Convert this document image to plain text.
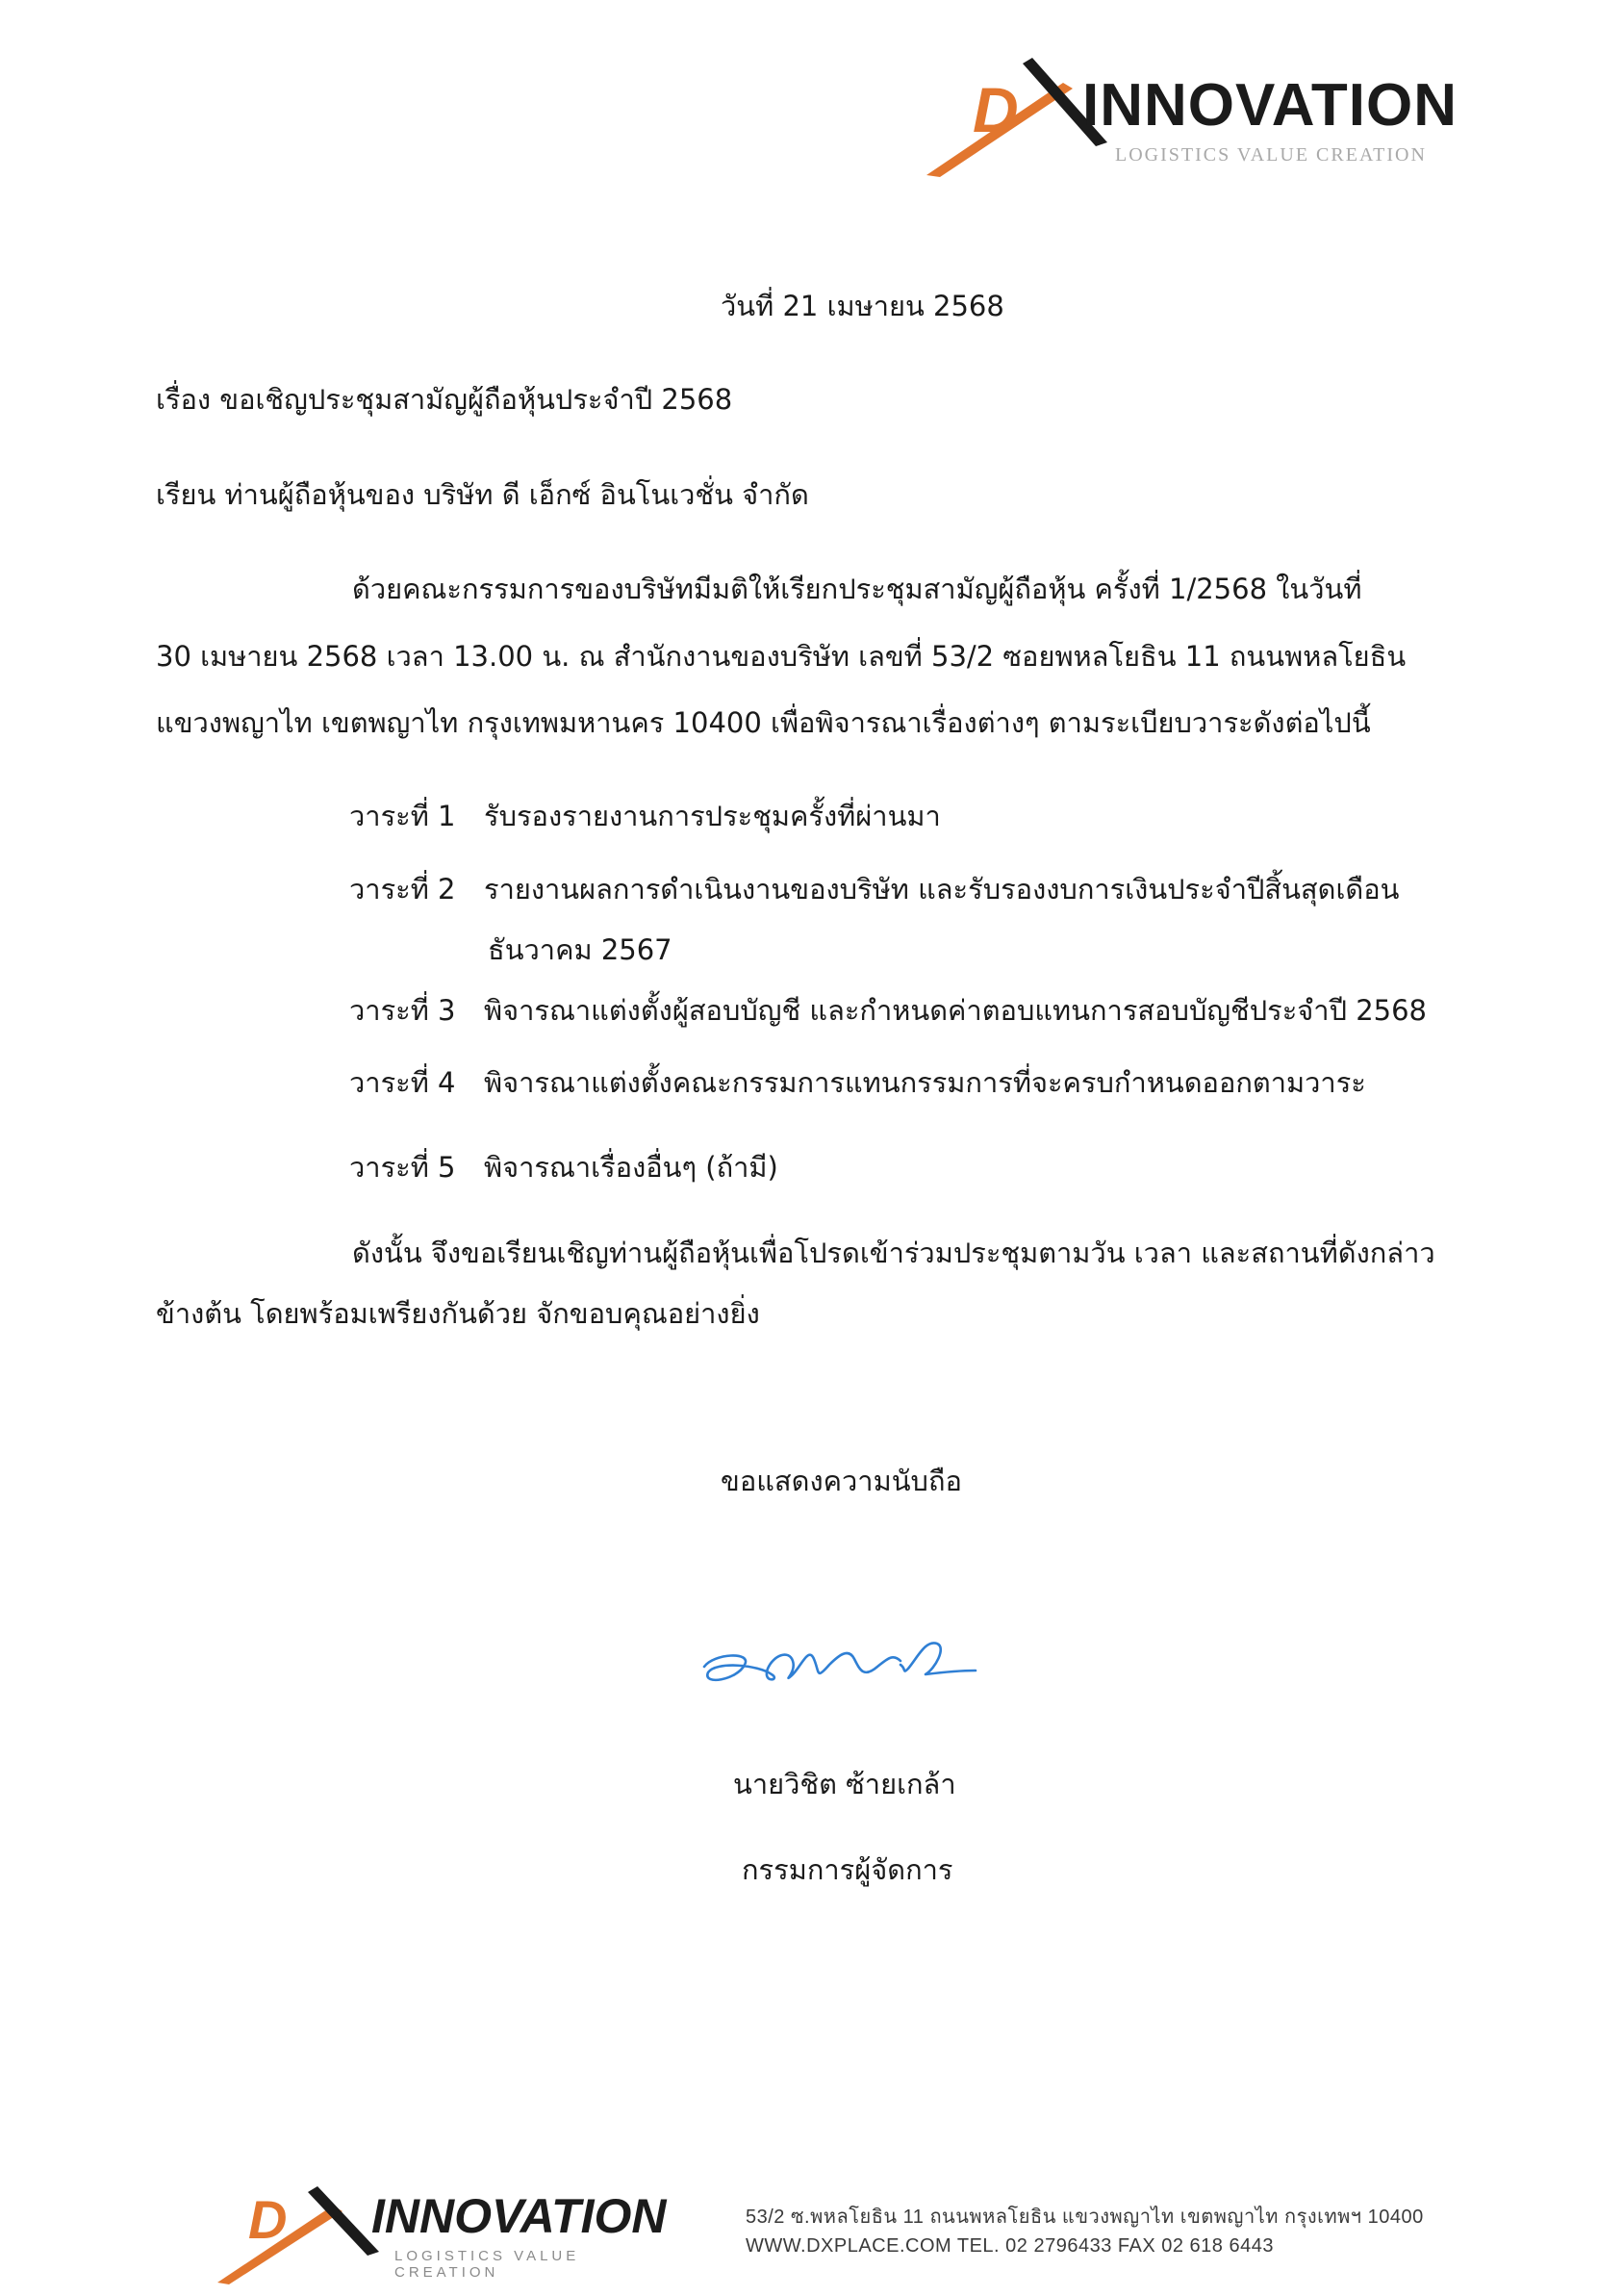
D INNOVATION
LOGISTICS VALUE CREATION
วันที่ 21 เมษายน 2568
เรื่อง ขอเชิญประชุมสามัญผู้ถือหุ้นประจำปี 2568
เรียน ท่านผู้ถือหุ้นของ บริษัท ดี เอ็กซ์ อินโนเวชั่น จำกัด
ด้วยคณะกรรมการของบริษัทมีมติให้เรียกประชุมสามัญผู้ถือหุ้น ครั้งที่ 1/2568 ในวันที่
30 เมษายน 2568 เวลา 13.00 น. ณ สำนักงานของบริษัท เลขที่ 53/2 ซอยพหลโยธิน 11 ถนนพหลโยธิน
แขวงพญาไท เขตพญาไท กรุงเทพมหานคร 10400 เพื่อพิจารณาเรื่องต่างๆ ตามระเบียบวาระดังต่อไปนี้
วาระที่ 1 รับรองรายงานการประชุมครั้งที่ผ่านมา
วาระที่ 2 รายงานผลการดำเนินงานของบริษัท และรับรองงบการเงินประจำปีสิ้นสุดเดือน
ธันวาคม 2567
วาระที่ 3 พิจารณาแต่งตั้งผู้สอบบัญชี และกำหนดค่าตอบแทนการสอบบัญชีประจำปี 2568
วาระที่ 4 พิจารณาแต่งตั้งคณะกรรมการแทนกรรมการที่จะครบกำหนดออกตามวาระ
วาระที่ 5 พิจารณาเรื่องอื่นๆ (ถ้ามี)
ดังนั้น จึงขอเรียนเชิญท่านผู้ถือหุ้นเพื่อโปรดเข้าร่วมประชุมตามวัน เวลา และสถานที่ดังกล่าว
ข้างต้น โดยพร้อมเพรียงกันด้วย จักขอบคุณอย่างยิ่ง
ขอแสดงความนับถือ
นายวิชิต ซ้ายเกล้า
กรรมการผู้จัดการ
D INNOVATION
LOGISTICS VALUE CREATION
53/2 ซ.พหลโยธิน 11 ถนนพหลโยธิน แขวงพญาไท เขตพญาไท กรุงเทพฯ 10400
WWW.DXPLACE.COM TEL. 02 2796433 FAX 02 618 6443
